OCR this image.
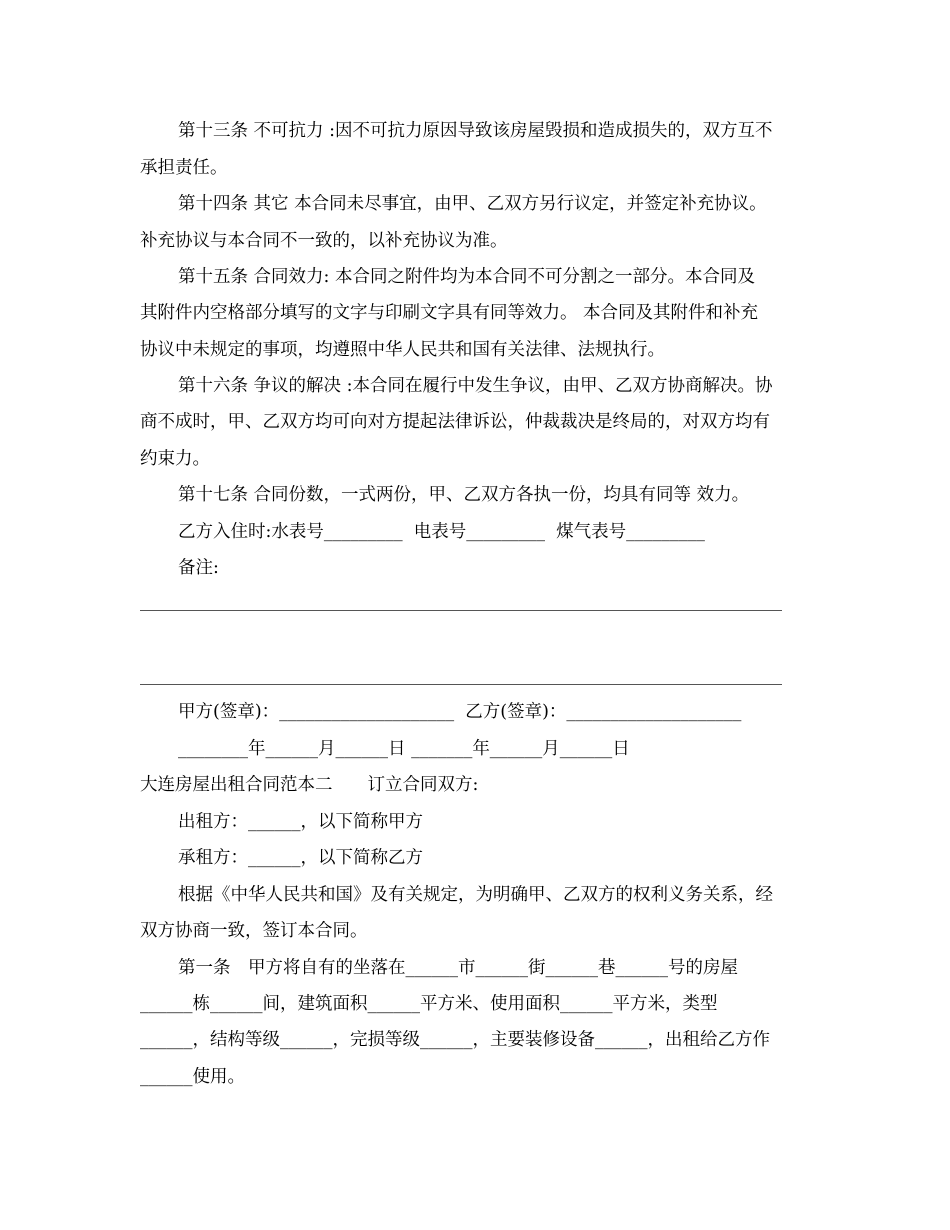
第十三条 不可抗力 :因不可抗力原因导致该房屋毁损和造成损失的，双方互不
承担责任。
第十四条 其它 本合同未尽事宜，由甲、乙双方另行议定，并签定补充协议。
补充协议与本合同不一致的，以补充协议为准。
第十五条 合同效力: 本合同之附件均为本合同不可分割之一部分。本合同及
其附件内空格部分填写的文字与印刷文字具有同等效力。 本合同及其附件和补充
协议中未规定的事项，均遵照中华人民共和国有关法律、法规执行。
第十六条 争议的解决 :本合同在履行中发生争议，由甲、乙双方协商解决。协
商不成时，甲、乙双方均可向对方提起法律诉讼，仲裁裁决是终局的，对双方均有
约束力。
第十七条 合同份数，一式两份，甲、乙双方各执一份，均具有同等 效力。
乙方入住时:水表号_________  电表号_________  煤气表号_________
备注:
甲方(签章)：____________________  乙方(签章)：____________________
________年______月______日 _______年______月______日
大连房屋出租合同范本二　　订立合同双方:
出租方：______，以下简称甲方
承租方：______，以下简称乙方
根据《中华人民共和国》及有关规定，为明确甲、乙双方的权利义务关系，经
双方协商一致，签订本合同。
第一条　甲方将自有的坐落在______市______街______巷______号的房屋
______栋______间，建筑面积______平方米、使用面积______平方米，类型
______，结构等级______，完损等级______，主要装修设备______，出租给乙方作
______使用。
